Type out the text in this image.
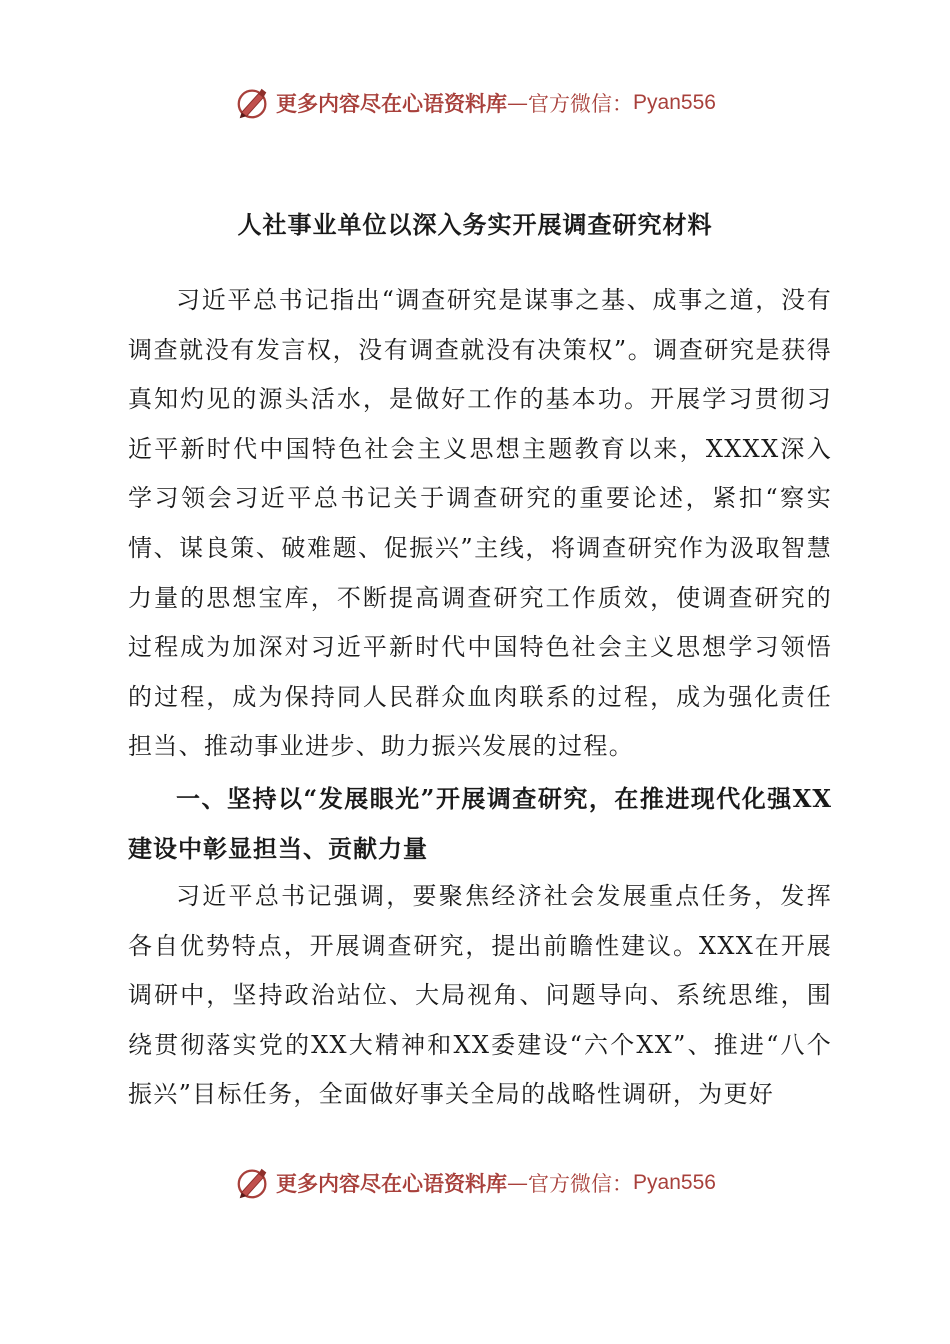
更多内容尽在心语资料库 — 官方微信： Pyan556
人社事业单位以深入务实开展调查研究材料
习近平总书记指出“调查研究是谋事之基、成事之道，没有调查就没有发言权，没有调查就没有决策权”。调查研究是获得真知灼见的源头活水，是做好工作的基本功。开展学习贯彻习近平新时代中国特色社会主义思想主题教育以来，XXXX深入学习领会习近平总书记关于调查研究的重要论述，紧扣“察实情、谋良策、破难题、促振兴”主线，将调查研究作为汲取智慧力量的思想宝库，不断提高调查研究工作质效，使调查研究的过程成为加深对习近平新时代中国特色社会主义思想学习领悟的过程，成为保持同人民群众血肉联系的过程，成为强化责任担当、推动事业进步、助力振兴发展的过程。
一、坚持以“发展眼光”开展调查研究，在推进现代化强XX建设中彰显担当、贡献力量
习近平总书记强调，要聚焦经济社会发展重点任务，发挥各自优势特点，开展调查研究，提出前瞻性建议。XXX在开展调研中，坚持政治站位、大局视角、问题导向、系统思维，围绕贯彻落实党的XX大精神和XX委建设“六个XX”、推进“八个振兴”目标任务，全面做好事关全局的战略性调研，为更好
更多内容尽在心语资料库 — 官方微信： Pyan556
